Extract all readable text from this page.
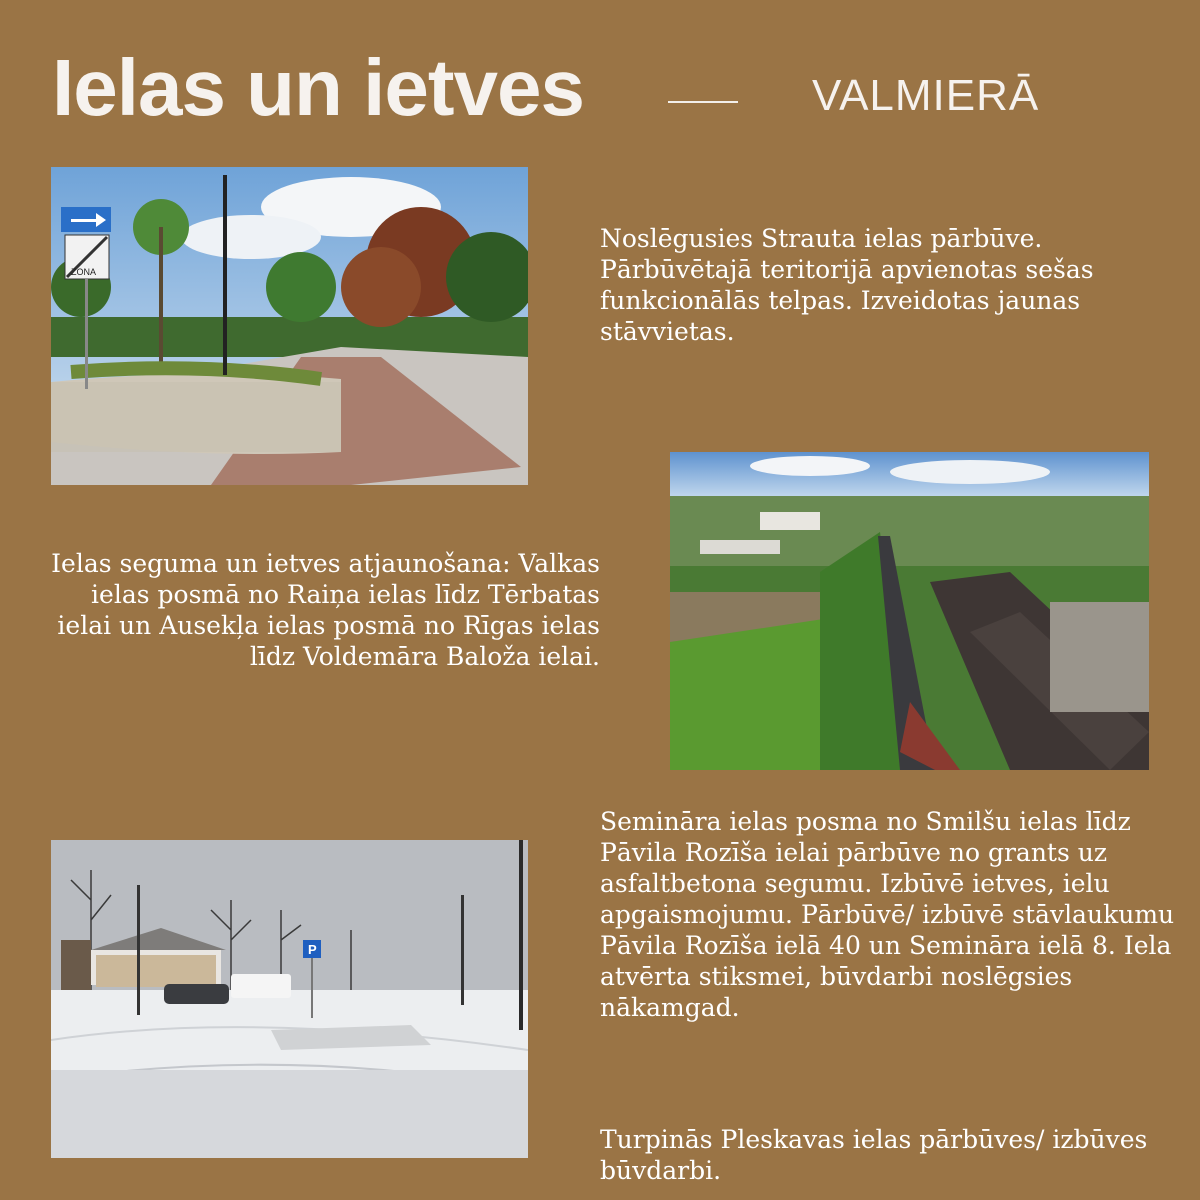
Ielas un ietves	VALMIERĀ
ZONA
Noslēgusies Strauta ielas pārbūve. Pārbūvētajā teritorijā apvienotas sešas funkcionālās telpas. Izveidotas jaunas stāvvietas.
Ielas seguma un ietves atjaunošana: Valkas ielas posmā no Raiņa ielas līdz Tērbatas ielai un Ausekļa ielas posmā no Rīgas ielas līdz Voldemāra Baloža ielai.
P
Semināra ielas posma no Smilšu ielas līdz Pāvila Rozīša ielai pārbūve no grants uz asfaltbetona segumu. Izbūvē ietves, ielu apgaismojumu. Pārbūvē/ izbūvē stāvlaukumu Pāvila Rozīša ielā 40 un Semināra ielā 8. Iela atvērta stiksmei, būvdarbi noslēgsies nākamgad.
Turpinās Pleskavas ielas pārbūves/ izbūves būvdarbi.
